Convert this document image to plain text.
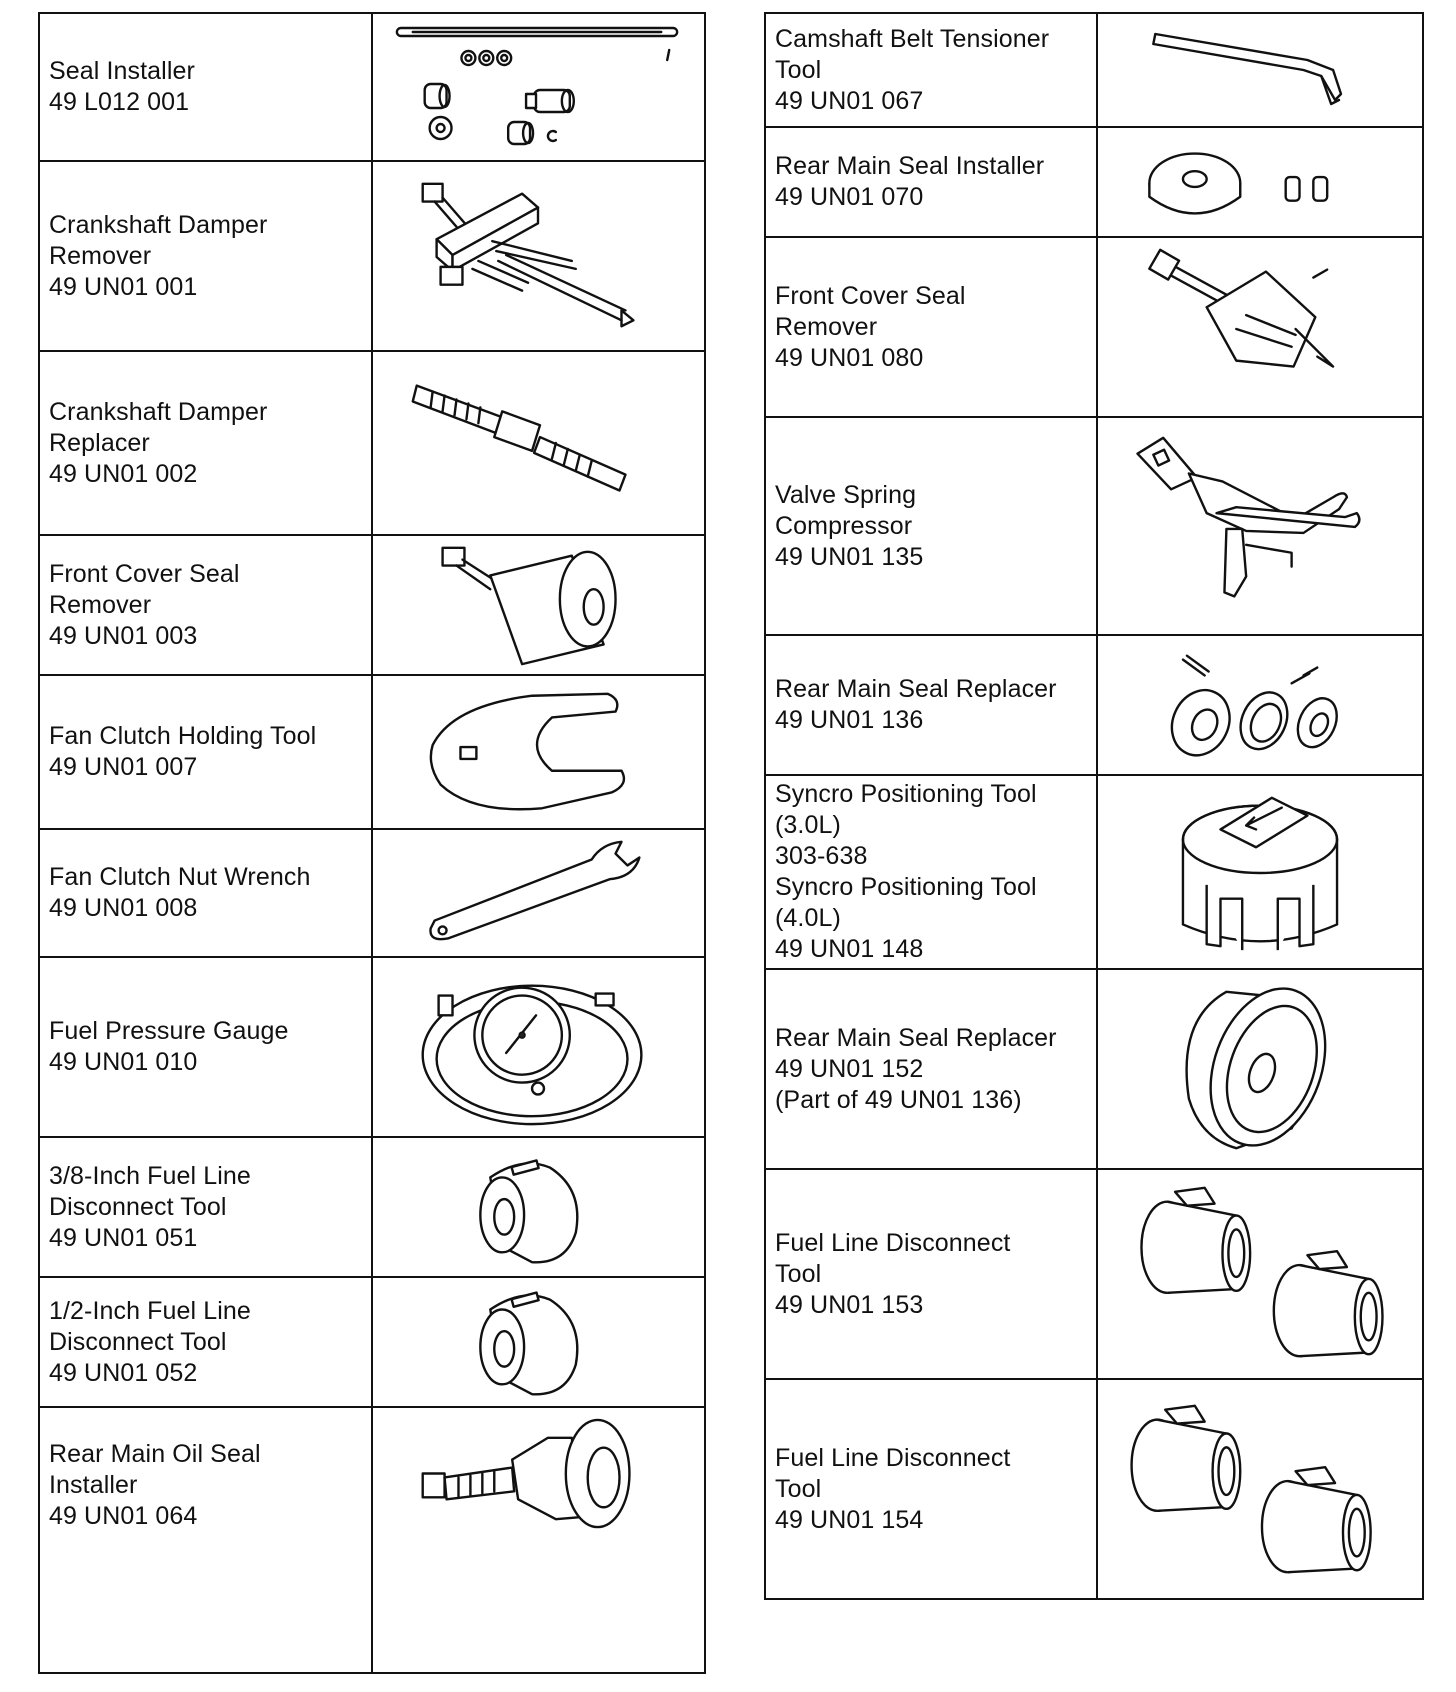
Seal Installer
49 L012 001
Crankshaft Damper
Remover
49 UN01 001
Crankshaft Damper
Replacer
49 UN01 002
Front Cover Seal
Remover
49 UN01 003
Fan Clutch Holding Tool
49 UN01 007
Fan Clutch Nut Wrench
49 UN01 008
Fuel Pressure Gauge
49 UN01 010
3/8-Inch Fuel Line
Disconnect Tool
49 UN01 051
1/2-Inch Fuel Line
Disconnect Tool
49 UN01 052
Rear Main Oil Seal
Installer
49 UN01 064
Camshaft Belt Tensioner
Tool
49 UN01 067
Rear Main Seal Installer
49 UN01 070
Front Cover Seal
Remover
49 UN01 080
Valve Spring
Compressor
49 UN01 135
Rear Main Seal Replacer
49 UN01 136
Syncro Positioning Tool
(3.0L)
303-638
Syncro Positioning Tool
(4.0L)
49 UN01 148
Rear Main Seal Replacer
49 UN01 152
(Part of 49 UN01 136)
Fuel Line Disconnect
Tool
49 UN01 153
Fuel Line Disconnect
Tool
49 UN01 154
